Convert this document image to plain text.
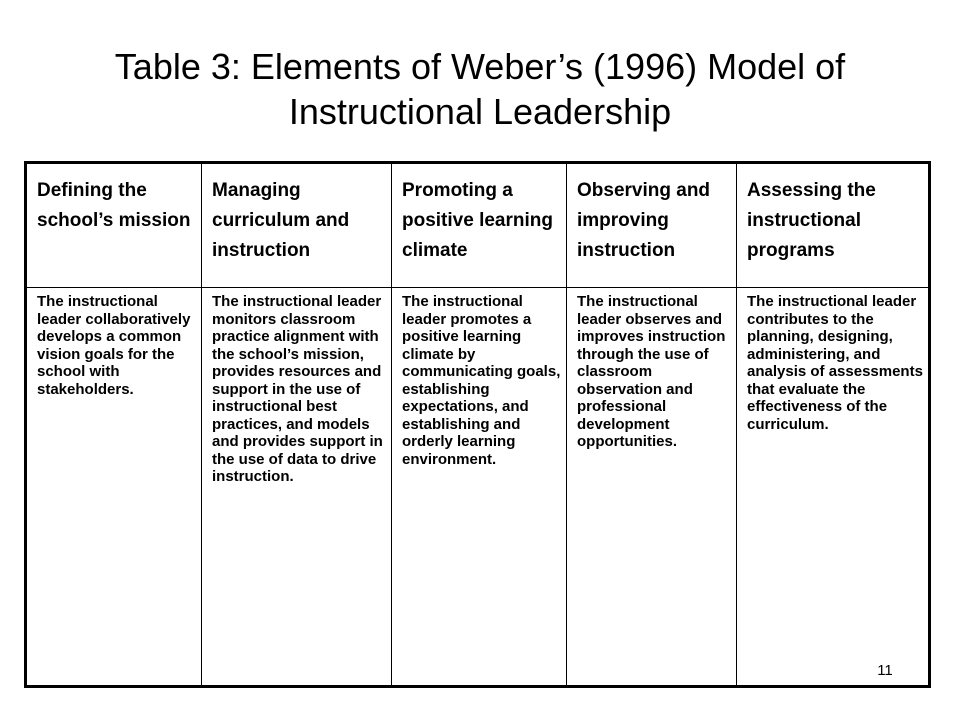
Table 3: Elements of Weber’s (1996) Model of
Instructional Leadership
Defining the school’s mission	Managing curriculum and instruction	Promoting a positive learning climate	Observing and improving instruction	Assessing the instructional programs
The instructional leader collaboratively develops a common vision goals for the school with stakeholders.	The instructional leader monitors classroom practice alignment with the school’s mission, provides resources and support in the use of instructional best practices, and models and provides support in the use of data to drive instruction.	The instructional leader promotes a positive learning climate by communicating goals, establishing expectations, and establishing and orderly learning environment.	The instructional leader observes and improves instruction through the use of classroom observation and professional development opportunities.	The instructional leader contributes to the planning, designing, administering, and analysis of assessments that evaluate the effectiveness of the curriculum.
11
